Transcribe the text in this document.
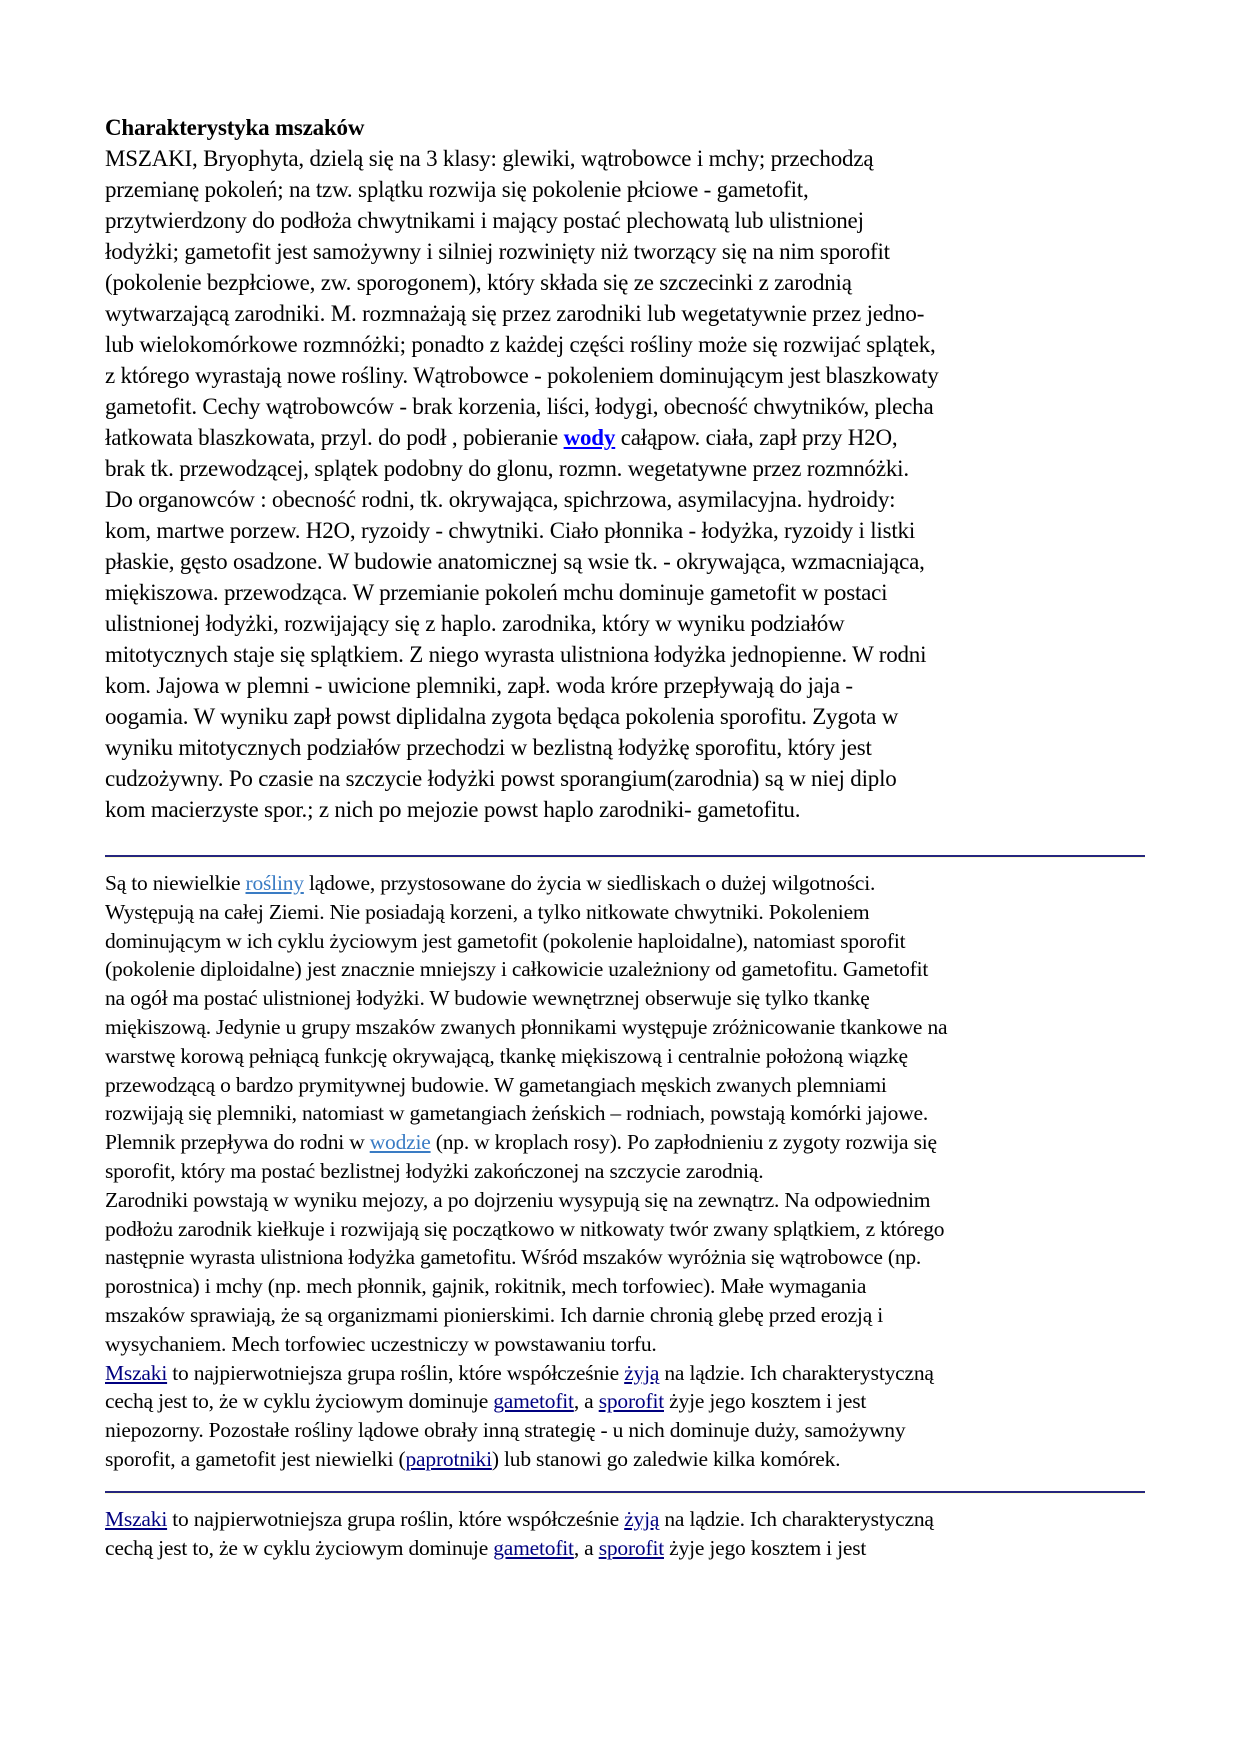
Charakterystyka mszaków

MSZAKI, Bryophyta, dzielą się na 3 klasy: glewiki, wątrobowce i mchy; przechodzą
przemianę pokoleń; na tzw. splątku rozwija się pokolenie płciowe - gametofit,
przytwierdzony do podłoża chwytnikami i mający postać plechowatą lub ulistnionej
łodyżki; gametofit jest samożywny i silniej rozwinięty niż tworzący się na nim sporofit
(pokolenie bezpłciowe, zw. sporogonem), który składa się ze szczecinki z zarodnią
wytwarzającą zarodniki. M. rozmnażają się przez zarodniki lub wegetatywnie przez jedno-
lub wielokomórkowe rozmnóżki; ponadto z każdej części rośliny może się rozwijać splątek,
z którego wyrastają nowe rośliny. Wątrobowce - pokoleniem dominującym jest blaszkowaty
gametofit. Cechy wątrobowców - brak korzenia, liści, łodygi, obecność chwytników, plecha
łatkowata blaszkowata, przyl. do podł , pobieranie wody całąpow. ciała, zapł przy H2O,
brak tk. przewodzącej, splątek podobny do glonu, rozmn. wegetatywne przez rozmnóżki.
Do organowców : obecność rodni, tk. okrywająca, spichrzowa, asymilacyjna. hydroidy:
kom, martwe porzew. H2O, ryzoidy - chwytniki. Ciało płonnika - łodyżka, ryzoidy i listki
płaskie, gęsto osadzone. W budowie anatomicznej są wsie tk. - okrywająca, wzmacniająca,
miękiszowa. przewodząca. W przemianie pokoleń mchu dominuje gametofit w postaci
ulistnionej łodyżki, rozwijający się z haplo. zarodnika, który w wyniku podziałów
mitotycznych staje się splątkiem. Z niego wyrasta ulistniona łodyżka jednopienne. W rodni
kom. Jajowa w plemni - uwicione plemniki, zapł. woda króre przepływają do jaja -
oogamia. W wyniku zapł powst diplidalna zygota będąca pokolenia sporofitu. Zygota w
wyniku mitotycznych podziałów przechodzi w bezlistną łodyżkę sporofitu, który jest
cudzożywny. Po czasie na szczycie łodyżki powst sporangium(zarodnia) są w niej diplo
kom macierzyste spor.; z nich po mejozie powst haplo zarodniki- gametofitu.

Są to niewielkie rośliny lądowe, przystosowane do życia w siedliskach o dużej wilgotności.
Występują na całej Ziemi. Nie posiadają korzeni, a tylko nitkowate chwytniki. Pokoleniem
dominującym w ich cyklu życiowym jest gametofit (pokolenie haploidalne), natomiast sporofit
(pokolenie diploidalne) jest znacznie mniejszy i całkowicie uzależniony od gametofitu. Gametofit
na ogół ma postać ulistnionej łodyżki. W budowie wewnętrznej obserwuje się tylko tkankę
miękiszową. Jedynie u grupy mszaków zwanych płonnikami występuje zróżnicowanie tkankowe na
warstwę korową pełniącą funkcję okrywającą, tkankę miękiszową i centralnie położoną wiązkę
przewodzącą o bardzo prymitywnej budowie. W gametangiach męskich zwanych plemniami
rozwijają się plemniki, natomiast w gametangiach żeńskich – rodniach, powstają komórki jajowe.
Plemnik przepływa do rodni w wodzie (np. w kroplach rosy). Po zapłodnieniu z zygoty rozwija się
sporofit, który ma postać bezlistnej łodyżki zakończonej na szczycie zarodnią.

Zarodniki powstają w wyniku mejozy, a po dojrzeniu wysypują się na zewnątrz. Na odpowiednim
podłożu zarodnik kiełkuje i rozwijają się początkowo w nitkowaty twór zwany splątkiem, z którego
następnie wyrasta ulistniona łodyżka gametofitu. Wśród mszaków wyróżnia się wątrobowce (np.
porostnica) i mchy (np. mech płonnik, gajnik, rokitnik, mech torfowiec). Małe wymagania
mszaków sprawiają, że są organizmami pionierskimi. Ich darnie chronią glebę przed erozją i
wysychaniem. Mech torfowiec uczestniczy w powstawaniu torfu.

Mszaki to najpierwotniejsza grupa roślin, które współcześnie żyją na lądzie. Ich charakterystyczną
cechą jest to, że w cyklu życiowym dominuje gametofit, a sporofit żyje jego kosztem i jest
niepozorny. Pozostałe rośliny lądowe obrały inną strategię - u nich dominuje duży, samożywny
sporofit, a gametofit jest niewielki (paprotniki) lub stanowi go zaledwie kilka komórek.

Mszaki to najpierwotniejsza grupa roślin, które współcześnie żyją na lądzie. Ich charakterystyczną
cechą jest to, że w cyklu życiowym dominuje gametofit, a sporofit żyje jego kosztem i jest
